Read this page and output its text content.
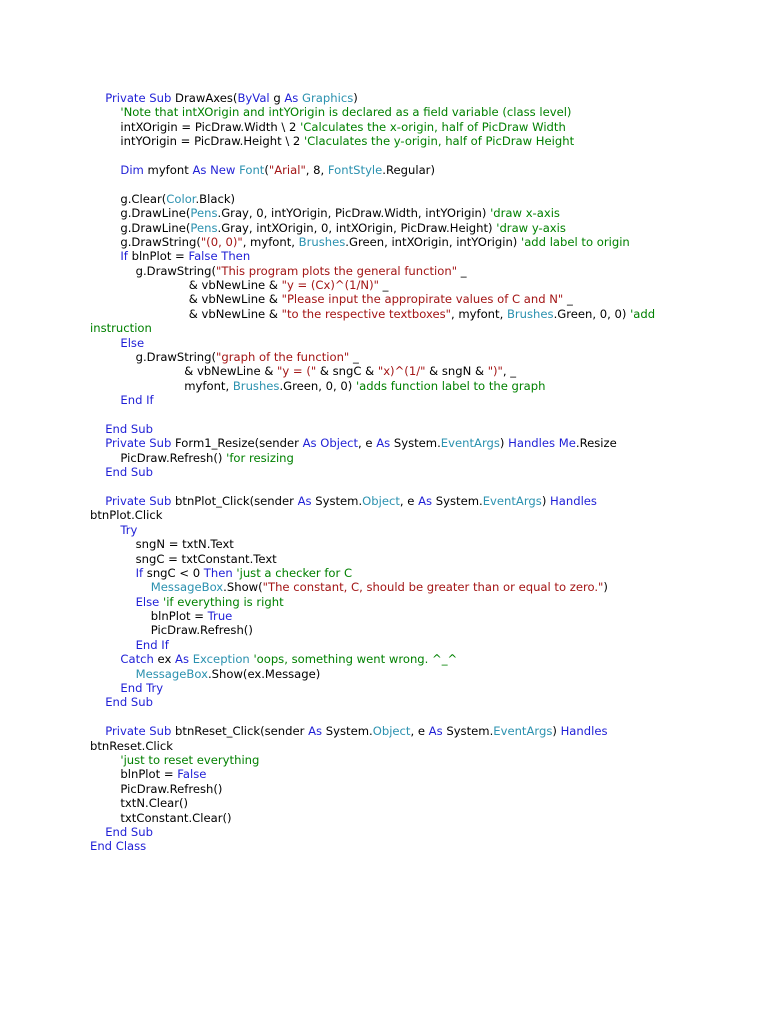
Private Sub DrawAxes(ByVal g As Graphics)
'Note that intXOrigin and intYOrigin is declared as a field variable (class level)
intXOrigin = PicDraw.Width \ 2 'Calculates the x-origin, half of PicDraw Width
intYOrigin = PicDraw.Height \ 2 'Claculates the y-origin, half of PicDraw Height
Dim myfont As New Font("Arial", 8, FontStyle.Regular)
g.Clear(Color.Black)
g.DrawLine(Pens.Gray, 0, intYOrigin, PicDraw.Width, intYOrigin) 'draw x-axis
g.DrawLine(Pens.Gray, intXOrigin, 0, intXOrigin, PicDraw.Height) 'draw y-axis
g.DrawString("(0, 0)", myfont, Brushes.Green, intXOrigin, intYOrigin) 'add label to origin
If blnPlot = False Then
g.DrawString("This program plots the general function" _
& vbNewLine & "y = (Cx)^(1/N)" _
& vbNewLine & "Please input the appropirate values of C and N" _
& vbNewLine & "to the respective textboxes", myfont, Brushes.Green, 0, 0) 'add
instruction
Else
g.DrawString("graph of the function" _
& vbNewLine & "y = (" & sngC & "x)^(1/" & sngN & ")", _
myfont, Brushes.Green, 0, 0) 'adds function label to the graph
End If
End Sub
Private Sub Form1_Resize(sender As Object, e As System.EventArgs) Handles Me.Resize
PicDraw.Refresh() 'for resizing
End Sub
Private Sub btnPlot_Click(sender As System.Object, e As System.EventArgs) Handles
btnPlot.Click
Try
sngN = txtN.Text
sngC = txtConstant.Text
If sngC < 0 Then 'just a checker for C
MessageBox.Show("The constant, C, should be greater than or equal to zero.")
Else 'if everything is right
blnPlot = True
PicDraw.Refresh()
End If
Catch ex As Exception 'oops, something went wrong. ^_^
MessageBox.Show(ex.Message)
End Try
End Sub
Private Sub btnReset_Click(sender As System.Object, e As System.EventArgs) Handles
btnReset.Click
'just to reset everything
blnPlot = False
PicDraw.Refresh()
txtN.Clear()
txtConstant.Clear()
End Sub
End Class
